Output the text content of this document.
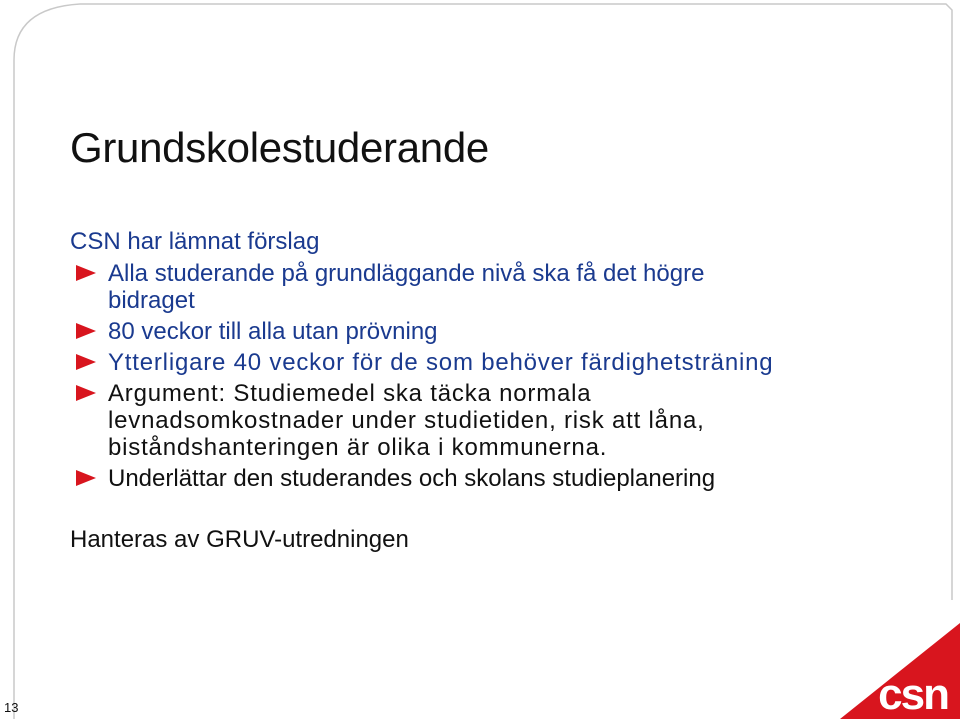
Grundskolestuderande
CSN har lämnat förslag
Alla studerande på grundläggande nivå ska få det högre
bidraget
80 veckor till alla utan prövning
Ytterligare 40 veckor för de som behöver färdighetsträning
Argument: Studiemedel ska täcka normala
levnadsomkostnader under studietiden, risk att låna,
biståndshanteringen är olika i kommunerna.
Underlättar den studerandes och skolans studieplanering
Hanteras av GRUV-utredningen
13	csn
